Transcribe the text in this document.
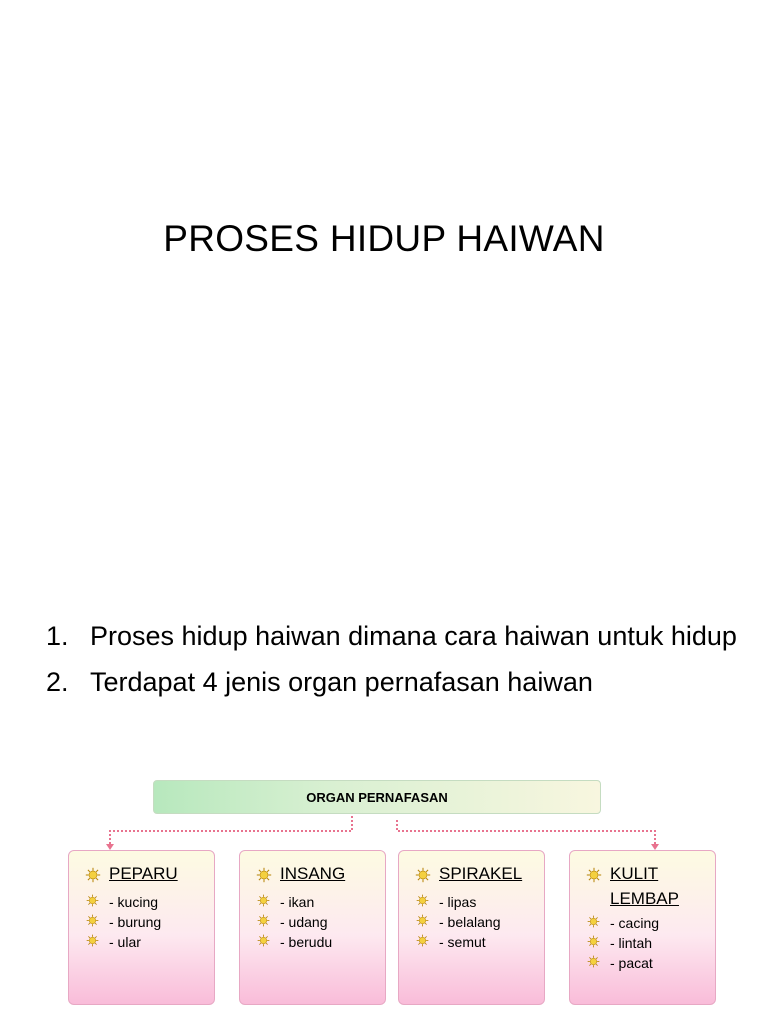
PROSES HIDUP HAIWAN
1. Proses hidup haiwan dimana cara haiwan untuk hidup
2. Terdapat 4 jenis organ pernafasan haiwan
ORGAN PERNAFASAN
PEPARU
- kucing
- burung
- ular
INSANG
- ikan
- udang
- berudu
SPIRAKEL
- lipas
- belalang
- semut
KULIT LEMBAP
- cacing
- lintah
- pacat
